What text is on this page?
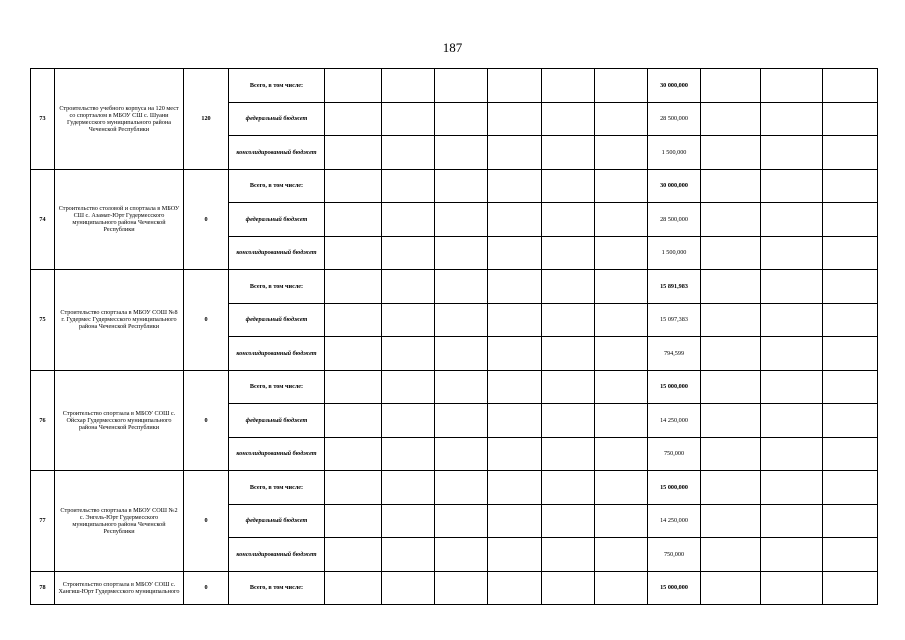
187
73	Строительство учебного корпуса на 120 мест со спортзалом в МБОУ СШ с. Шуани Гудермесского муниципального района Чеченской Республики	120	Всего, в том числе:							30 000,000			
			федеральный бюджет							28 500,000			
			консолидированный бюджет							1 500,000			
74	Строительство столовой и спортзала в МБОУ СШ с. Азамат-Юрт Гудермесского муниципального района Чеченской Республики	0	Всего, в том числе:							30 000,000			
			федеральный бюджет							28 500,000			
			консолидированный бюджет							1 500,000			
75	Строительство спортзала в МБОУ СОШ №8 г. Гудермес Гудермесского муниципального района Чеченской Республики	0	Всего, в том числе:							15 891,983			
			федеральный бюджет							15 097,383			
			консолидированный бюджет							794,599			
76	Строительство спортзала в МБОУ СОШ с. Ойсхар Гудермесского муниципального района Чеченской Республики	0	Всего, в том числе:							15 000,000			
			федеральный бюджет							14 250,000			
			консолидированный бюджет							750,000			
77	Строительство спортзала в МБОУ СОШ №2 с. Энгель-Юрт Гудермесского муниципального района Чеченской Республики	0	Всего, в том числе:							15 000,000			
			федеральный бюджет							14 250,000			
			консолидированный бюджет							750,000			
78	Строительство спортзала в МБОУ СОШ с. Хангиш-Юрт Гудермесского муниципального	0	Всего, в том числе:							15 000,000			
